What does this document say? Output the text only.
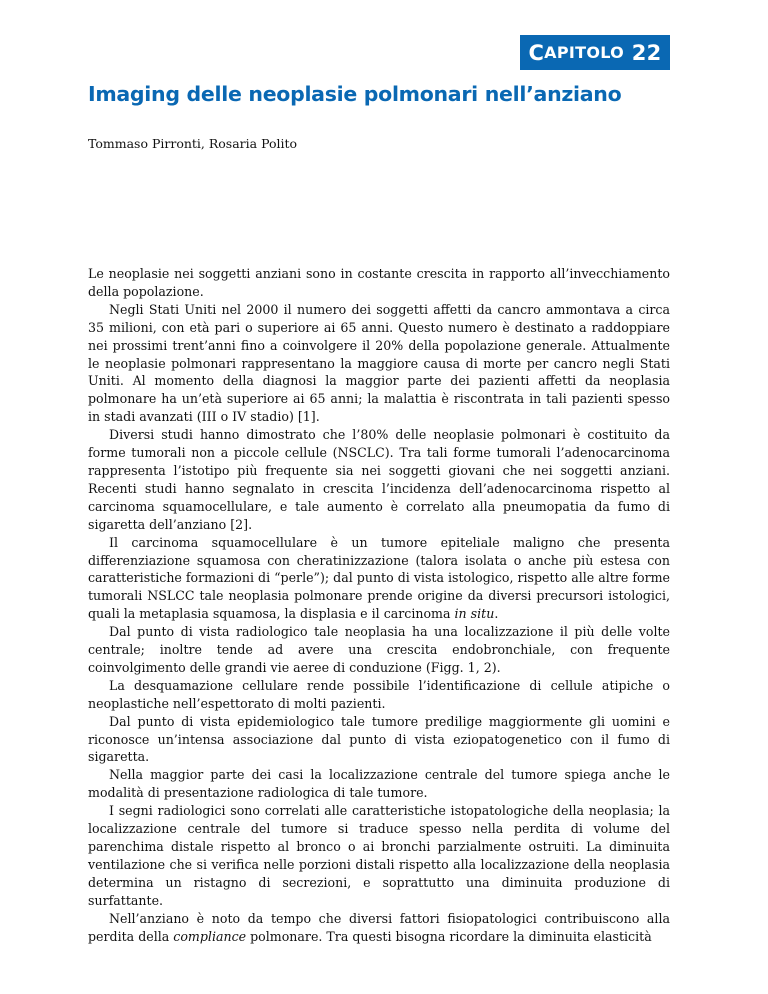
C APITOLO
22
Imaging delle neoplasie polmonari nell’anziano
Tommaso Pirronti, Rosaria Polito

Le neoplasie nei soggetti anziani sono in costante crescita in rapporto all’invecchiamento della popolazione.

Negli Stati Uniti nel 2000 il numero dei soggetti affetti da cancro ammontava a circa 35 milioni, con età pari o superiore ai 65 anni. Questo numero è destinato a raddoppiare nei prossimi trent’anni fino a coinvolgere il 20% della popolazione generale. Attualmente le neoplasie polmonari rappresentano la maggiore causa di morte per cancro negli Stati Uniti. Al momento della diagnosi la maggior parte dei pazienti affetti da neoplasia polmonare ha un’età superiore ai 65 anni; la malattia è riscontrata in tali pazienti spesso in stadi avanzati (III o IV stadio) [1].

Diversi studi hanno dimostrato che l’80% delle neoplasie polmonari è costituito da forme tumorali non a piccole cellule (NSCLC). Tra tali forme tumorali l’adenocarcinoma rappresenta l’istotipo più frequente sia nei soggetti giovani che nei soggetti anziani. Recenti studi hanno segnalato in crescita l’incidenza dell’adenocarcinoma rispetto al carcinoma squamocellulare, e tale aumento è correlato alla pneumopatia da fumo di sigaretta dell’anziano [2].

Il carcinoma squamocellulare è un tumore epiteliale maligno che presenta differenziazione squamosa con cheratinizzazione (talora isolata o anche più estesa con caratteristiche formazioni di “perle”); dal punto di vista istologico, rispetto alle altre forme tumorali NSLCC tale neoplasia polmonare prende origine da diversi precursori istologici, quali la metaplasia squamosa, la displasia e il carcinoma in situ.

Dal punto di vista radiologico tale neoplasia ha una localizzazione il più delle volte centrale; inoltre tende ad avere una crescita endobronchiale, con frequente coinvolgimento delle grandi vie aeree di conduzione (Figg. 1, 2).

La desquamazione cellulare rende possibile l’identificazione di cellule atipiche o neoplastiche nell’espettorato di molti pazienti.

Dal punto di vista epidemiologico tale tumore predilige maggiormente gli uomini e riconosce un’intensa associazione dal punto di vista eziopatogenetico con il fumo di sigaretta.

Nella maggior parte dei casi la localizzazione centrale del tumore spiega anche le modalità di presentazione radiologica di tale tumore.

I segni radiologici sono correlati alle caratteristiche istopatologiche della neoplasia; la localizzazione centrale del tumore si traduce spesso nella perdita di volume del parenchima distale rispetto al bronco o ai bronchi parzialmente ostruiti. La diminuita ventilazione che si verifica nelle porzioni distali rispetto alla localizzazione della neoplasia determina un ristagno di secrezioni, e soprattutto una diminuita produzione di surfattante.

Nell’anziano è noto da tempo che diversi fattori fisiopatologici contribuiscono alla perdita della compliance polmonare. Tra questi bisogna ricordare la diminuita elasticità
